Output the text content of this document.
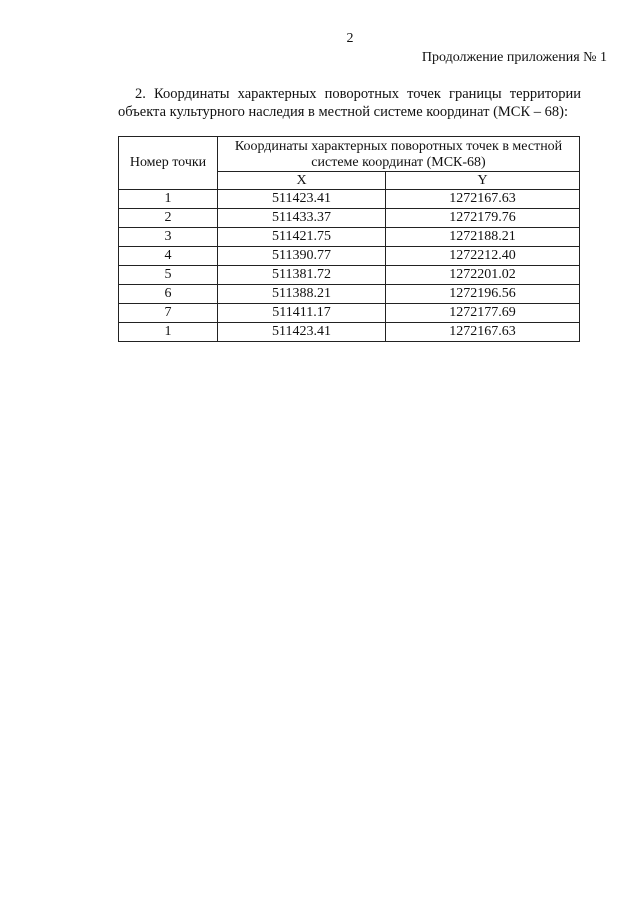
2
Продолжение приложения № 1

2. Координаты характерных поворотных точек границы территории

объекта культурного наследия в местной системе координат (МСК – 68):

Номер точки	Координаты характерных поворотных точек в местной системе координат (МСК-68)	
	X	Y
1	511423.41	1272167.63
2	511433.37	1272179.76
3	511421.75	1272188.21
4	511390.77	1272212.40
5	511381.72	1272201.02
6	511388.21	1272196.56
7	511411.17	1272177.69
1	511423.41	1272167.63
